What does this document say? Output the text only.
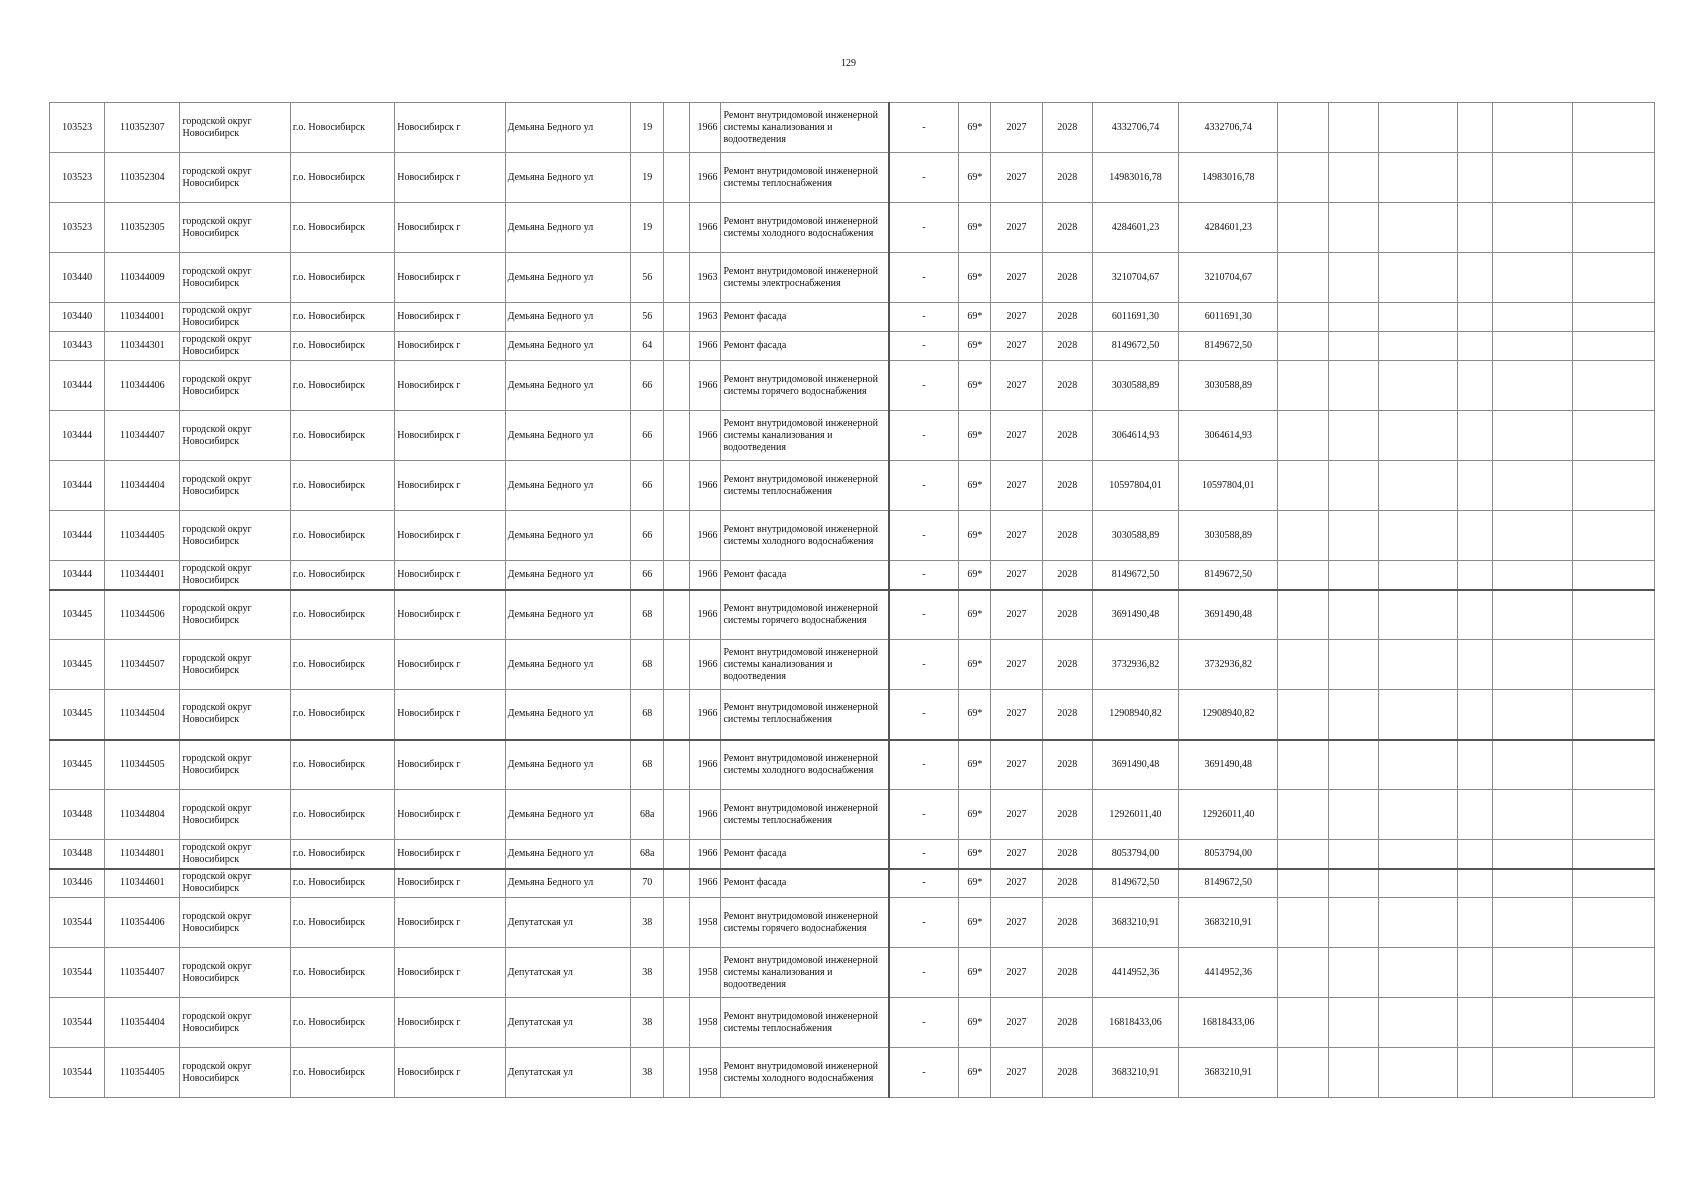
129
103523	110352307	городской округ Новосибирск	г.о. Новосибирск	Новосибирск г	Демьяна Бедного ул	19		1966	Ремонт внутридомовой инженерной системы канализования и водоотведения	-	69*	2027	2028	4332706,74	4332706,74						
103523	110352304	городской округ Новосибирск	г.о. Новосибирск	Новосибирск г	Демьяна Бедного ул	19		1966	Ремонт внутридомовой инженерной системы теплоснабжения	-	69*	2027	2028	14983016,78	14983016,78						
103523	110352305	городской округ Новосибирск	г.о. Новосибирск	Новосибирск г	Демьяна Бедного ул	19		1966	Ремонт внутридомовой инженерной системы холодного водоснабжения	-	69*	2027	2028	4284601,23	4284601,23						
103440	110344009	городской округ Новосибирск	г.о. Новосибирск	Новосибирск г	Демьяна Бедного ул	56		1963	Ремонт внутридомовой инженерной системы электроснабжения	-	69*	2027	2028	3210704,67	3210704,67						
103440	110344001	городской округ Новосибирск	г.о. Новосибирск	Новосибирск г	Демьяна Бедного ул	56		1963	Ремонт фасада	-	69*	2027	2028	6011691,30	6011691,30						
103443	110344301	городской округ Новосибирск	г.о. Новосибирск	Новосибирск г	Демьяна Бедного ул	64		1966	Ремонт фасада	-	69*	2027	2028	8149672,50	8149672,50						
103444	110344406	городской округ Новосибирск	г.о. Новосибирск	Новосибирск г	Демьяна Бедного ул	66		1966	Ремонт внутридомовой инженерной системы горячего водоснабжения	-	69*	2027	2028	3030588,89	3030588,89						
103444	110344407	городской округ Новосибирск	г.о. Новосибирск	Новосибирск г	Демьяна Бедного ул	66		1966	Ремонт внутридомовой инженерной системы канализования и водоотведения	-	69*	2027	2028	3064614,93	3064614,93						
103444	110344404	городской округ Новосибирск	г.о. Новосибирск	Новосибирск г	Демьяна Бедного ул	66		1966	Ремонт внутридомовой инженерной системы теплоснабжения	-	69*	2027	2028	10597804,01	10597804,01						
103444	110344405	городской округ Новосибирск	г.о. Новосибирск	Новосибирск г	Демьяна Бедного ул	66		1966	Ремонт внутридомовой инженерной системы холодного водоснабжения	-	69*	2027	2028	3030588,89	3030588,89						
103444	110344401	городской округ Новосибирск	г.о. Новосибирск	Новосибирск г	Демьяна Бедного ул	66		1966	Ремонт фасада	-	69*	2027	2028	8149672,50	8149672,50						
103445	110344506	городской округ Новосибирск	г.о. Новосибирск	Новосибирск г	Демьяна Бедного ул	68		1966	Ремонт внутридомовой инженерной системы горячего водоснабжения	-	69*	2027	2028	3691490,48	3691490,48						
103445	110344507	городской округ Новосибирск	г.о. Новосибирск	Новосибирск г	Демьяна Бедного ул	68		1966	Ремонт внутридомовой инженерной системы канализования и водоотведения	-	69*	2027	2028	3732936,82	3732936,82						
103445	110344504	городской округ Новосибирск	г.о. Новосибирск	Новосибирск г	Демьяна Бедного ул	68		1966	Ремонт внутридомовой инженерной системы теплоснабжения	-	69*	2027	2028	12908940,82	12908940,82						
103445	110344505	городской округ Новосибирск	г.о. Новосибирск	Новосибирск г	Демьяна Бедного ул	68		1966	Ремонт внутридомовой инженерной системы холодного водоснабжения	-	69*	2027	2028	3691490,48	3691490,48						
103448	110344804	городской округ Новосибирск	г.о. Новосибирск	Новосибирск г	Демьяна Бедного ул	68а		1966	Ремонт внутридомовой инженерной системы теплоснабжения	-	69*	2027	2028	12926011,40	12926011,40						
103448	110344801	городской округ Новосибирск	г.о. Новосибирск	Новосибирск г	Демьяна Бедного ул	68а		1966	Ремонт фасада	-	69*	2027	2028	8053794,00	8053794,00						
103446	110344601	городской округ Новосибирск	г.о. Новосибирск	Новосибирск г	Демьяна Бедного ул	70		1966	Ремонт фасада	-	69*	2027	2028	8149672,50	8149672,50						
103544	110354406	городской округ Новосибирск	г.о. Новосибирск	Новосибирск г	Депутатская ул	38		1958	Ремонт внутридомовой инженерной системы горячего водоснабжения	-	69*	2027	2028	3683210,91	3683210,91						
103544	110354407	городской округ Новосибирск	г.о. Новосибирск	Новосибирск г	Депутатская ул	38		1958	Ремонт внутридомовой инженерной системы канализования и водоотведения	-	69*	2027	2028	4414952,36	4414952,36						
103544	110354404	городской округ Новосибирск	г.о. Новосибирск	Новосибирск г	Депутатская ул	38		1958	Ремонт внутридомовой инженерной системы теплоснабжения	-	69*	2027	2028	16818433,06	16818433,06						
103544	110354405	городской округ Новосибирск	г.о. Новосибирск	Новосибирск г	Депутатская ул	38		1958	Ремонт внутридомовой инженерной системы холодного водоснабжения	-	69*	2027	2028	3683210,91	3683210,91						
